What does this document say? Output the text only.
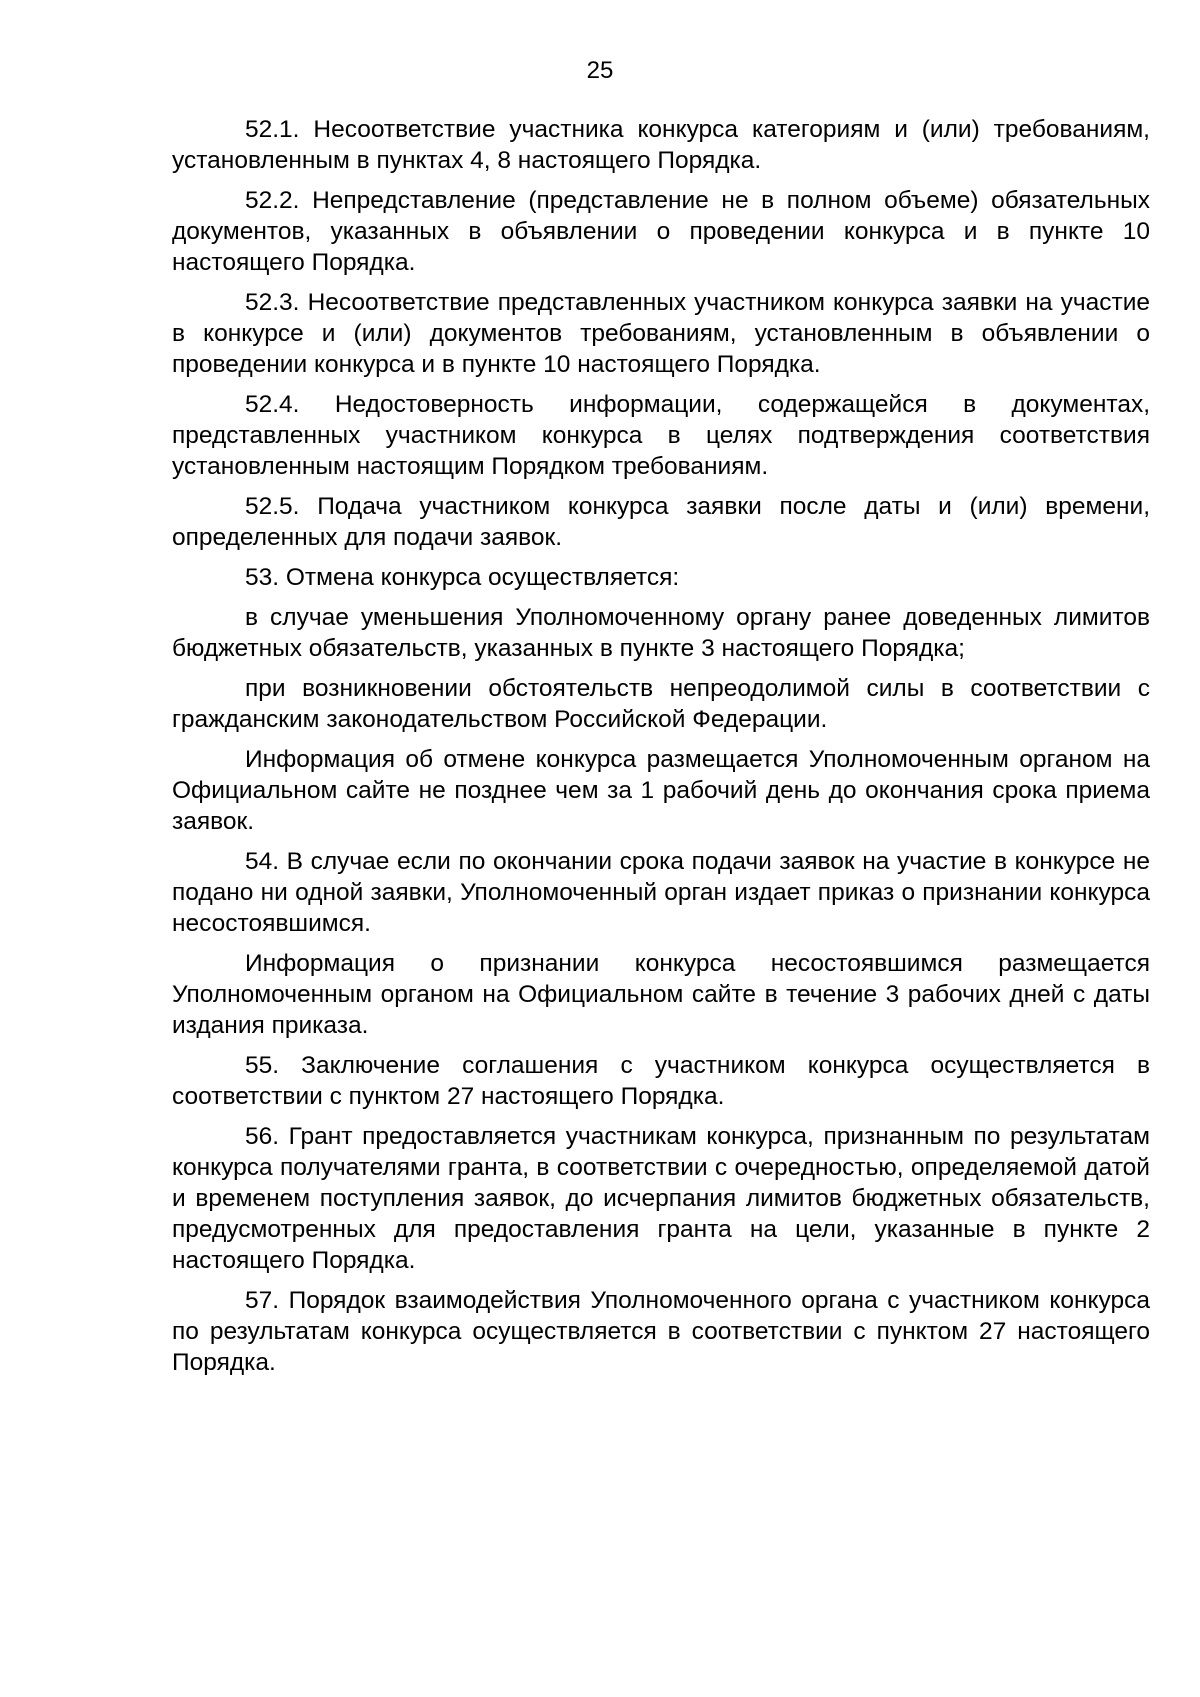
25

52.1. Несоответствие участника конкурса категориям и (или) требованиям, установленным в пунктах 4, 8 настоящего Порядка.

52.2. Непредставление (представление не в полном объеме) обязательных документов, указанных в объявлении о проведении конкурса и в пункте 10 настоящего Порядка.

52.3. Несоответствие представленных участником конкурса заявки на участие в конкурсе и (или) документов требованиям, установленным в объявлении о проведении конкурса и в пункте 10 настоящего Порядка.

52.4. Недостоверность информации, содержащейся в документах, представленных участником конкурса в целях подтверждения соответствия установленным настоящим Порядком требованиям.

52.5. Подача участником конкурса заявки после даты и (или) времени, определенных для подачи заявок.

53. Отмена конкурса осуществляется:

в случае уменьшения Уполномоченному органу ранее доведенных лимитов бюджетных обязательств, указанных в пункте 3 настоящего Порядка;

при возникновении обстоятельств непреодолимой силы в соответствии с гражданским законодательством Российской Федерации.

Информация об отмене конкурса размещается Уполномоченным органом на Официальном сайте не позднее чем за 1 рабочий день до окончания срока приема заявок.

54. В случае если по окончании срока подачи заявок на участие в конкурсе не подано ни одной заявки, Уполномоченный орган издает приказ о признании конкурса несостоявшимся.

Информация о признании конкурса несостоявшимся размещается Уполномоченным органом на Официальном сайте в течение 3 рабочих дней с даты издания приказа.

55. Заключение соглашения с участником конкурса осуществляется в соответствии с пунктом 27 настоящего Порядка.

56. Грант предоставляется участникам конкурса, признанным по результатам конкурса получателями гранта, в соответствии с очередностью, определяемой датой и временем поступления заявок, до исчерпания лимитов бюджетных обязательств, предусмотренных для предоставления гранта на цели, указанные в пункте 2 настоящего Порядка.

57. Порядок взаимодействия Уполномоченного органа с участником конкурса по результатам конкурса осуществляется в соответствии с пунктом 27 настоящего Порядка.
